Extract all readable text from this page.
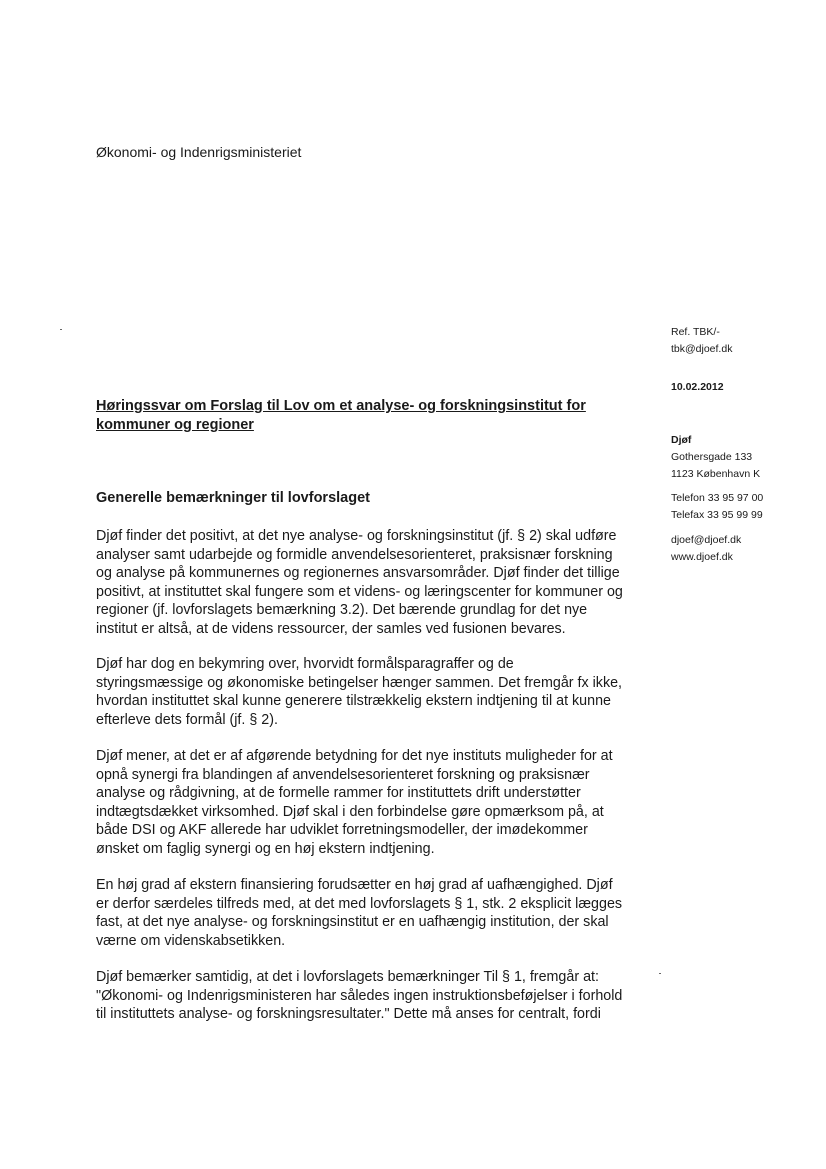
Økonomi- og Indenrigsministeriet
Ref. TBK/-
tbk@djoef.dk
10.02.2012
Djøf
Gothersgade 133
1123 København K
Telefon 33 95 97 00
Telefax 33 95 99 99
djoef@djoef.dk
www.djoef.dk
Høringssvar om Forslag til Lov om et analyse- og forskningsinstitut for
kommuner og regioner
Generelle bemærkninger til lovforslaget
Djøf finder det positivt, at det nye analyse- og forskningsinstitut (jf. § 2) skal udføre
analyser samt udarbejde og formidle anvendelsesorienteret, praksisnær forskning
og analyse på kommunernes og regionernes ansvarsområder. Djøf finder det tillige
positivt, at instituttet skal fungere som et videns- og læringscenter for kommuner og
regioner (jf. lovforslagets bemærkning 3.2). Det bærende grundlag for det nye
institut er altså, at de videns ressourcer, der samles ved fusionen bevares.
Djøf har dog en bekymring over, hvorvidt formålsparagraffer og de
styringsmæssige og økonomiske betingelser hænger sammen. Det fremgår fx ikke,
hvordan instituttet skal kunne generere tilstrækkelig ekstern indtjening til at kunne
efterleve dets formål (jf. § 2).
Djøf mener, at det er af afgørende betydning for det nye instituts muligheder for at
opnå synergi fra blandingen af anvendelsesorienteret forskning og praksisnær
analyse og rådgivning, at de formelle rammer for instituttets drift understøtter
indtægtsdækket virksomhed. Djøf skal i den forbindelse gøre opmærksom på, at
både DSI og AKF allerede har udviklet forretningsmodeller, der imødekommer
ønsket om faglig synergi og en høj ekstern indtjening.
En høj grad af ekstern finansiering forudsætter en høj grad af uafhængighed. Djøf
er derfor særdeles tilfreds med, at det med lovforslagets § 1, stk. 2 eksplicit lægges
fast, at det nye analyse- og forskningsinstitut er en uafhængig institution, der skal
værne om videnskabsetikken.
Djøf bemærker samtidig, at det i lovforslagets bemærkninger Til § 1, fremgår at:
"Økonomi- og Indenrigsministeren har således ingen instruktionsbeføjelser i forhold
til instituttets analyse- og forskningsresultater." Dette må anses for centralt, fordi
